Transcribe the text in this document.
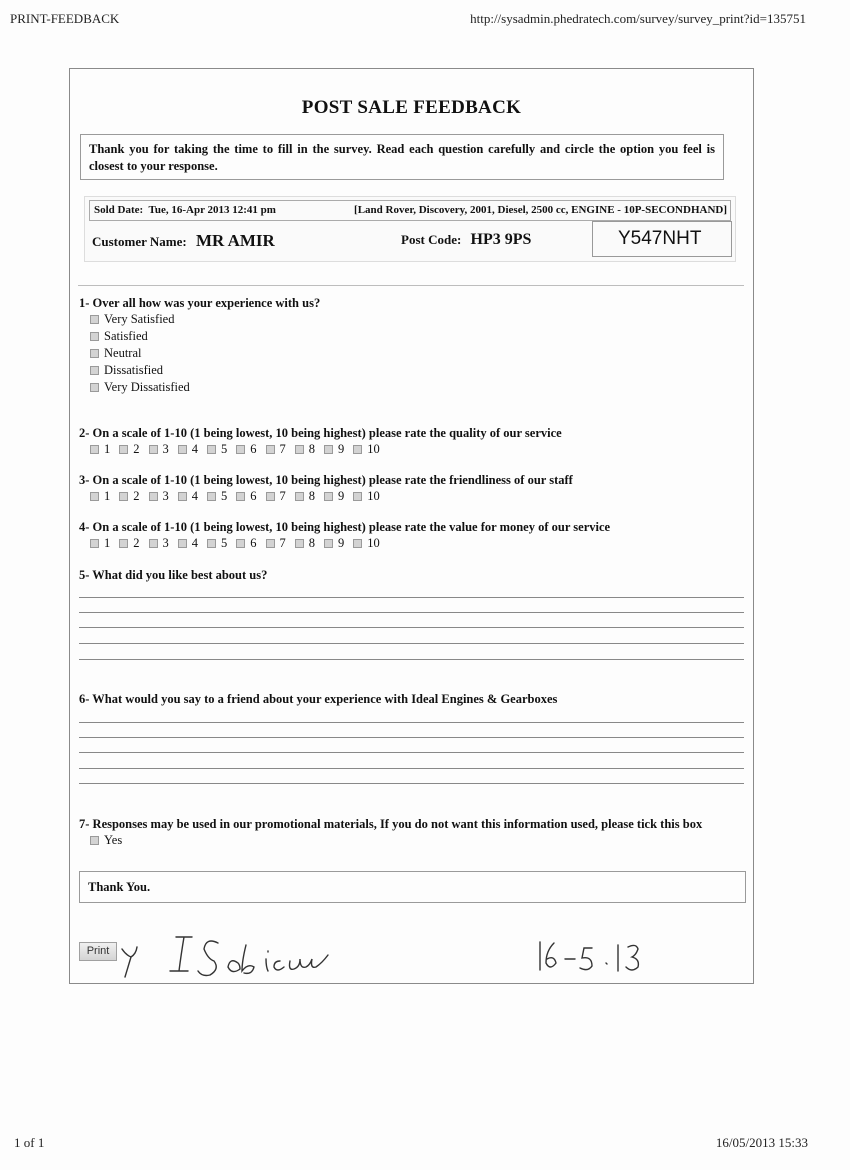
PRINT-FEEDBACK	http://sysadmin.phedratech.com/survey/survey_print?id=135751
POST SALE FEEDBACK
Thank you for taking the time to fill in the survey. Read each question carefully and circle the option you feel is closest to your response.
Sold Date: Tue, 16-Apr 2013 12:41 pm	[Land Rover, Discovery, 2001, Diesel, 2500 cc, ENGINE - 10P-SECONDHAND]
Customer Name: MR AMIR	Post Code: HP3 9PS	Y547NHT
1- Over all how was your experience with us?
Very Satisfied
Satisfied
Neutral
Dissatisfied
Very Dissatisfied
2- On a scale of 1-10 (1 being lowest, 10 being highest) please rate the quality of our service
1 2 3 4 5 6 7 8 9 10
3- On a scale of 1-10 (1 being lowest, 10 being highest) please rate the friendliness of our staff
1 2 3 4 5 6 7 8 9 10
4- On a scale of 1-10 (1 being lowest, 10 being highest) please rate the value for money of our service
1 2 3 4 5 6 7 8 9 10
5- What did you like best about us?
6- What would you say to a friend about your experience with Ideal Engines & Gearboxes
7- Responses may be used in our promotional materials, If you do not want this information used, please tick this box
Yes
Thank You.
Print
1 of 1	16/05/2013 15:33
